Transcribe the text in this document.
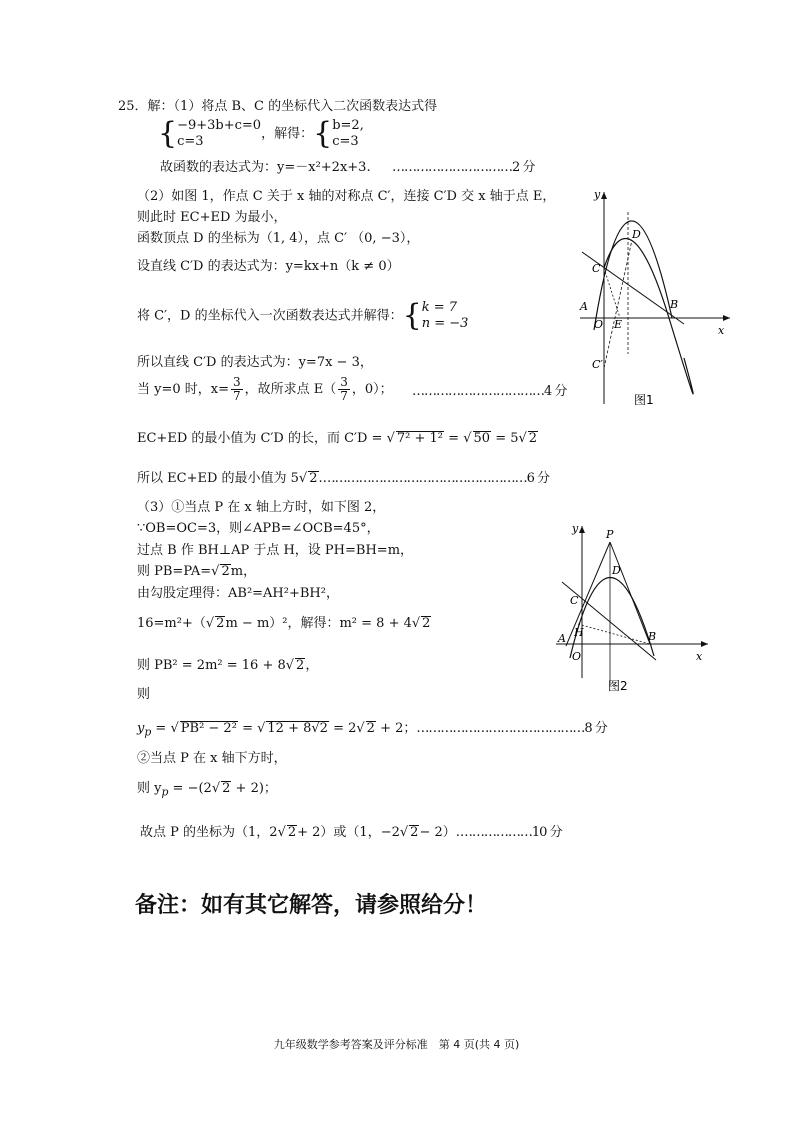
25．解：（1）将点 B、C 的坐标代入二次函数表达式得
{ −9+3b+c=0
c=3	，解得：{ b=2,
c=3
故函数的表达式为：y=－x²+2x+3. …………………………2 分
（2）如图 1，作点 C 关于 x 轴的对称点 C′，连接 C′D 交 x 轴于点 E，
则此时 EC+ED 为最小，
函数顶点 D 的坐标为（1, 4），点 C′ （0, −3），
设直线 C′D 的表达式为：y=kx+n（k ≠ 0）
将 C′，D 的坐标代入一次函数表达式并解得：{ k = 7
n = −3
所以直线 C′D 的表达式为：y=7x − 3，
当 y=0 时，$x= \frac{3}{7}$ ，故所求点 $E( \frac{3}{7}$ ，0）； ……………………………4 分
EC+ED 的最小值为 C′D 的长，而 C′D = √ 7² + 1² = √ 50 = 5√ 2
所以 EC+ED 的最小值为 5√ 2.……………………………………………6 分
（3）①当点 P 在 x 轴上方时，如下图 2，
∵OB=OC=3，则∠APB=∠OCB=45°，
过点 B 作 BH⊥AP 于点 H，设 PH=BH=m，
则 PB=PA=√ 2m，
由勾股定理得：AB²=AH²+BH²，
16=m²+（√ 2m − m）²，解得：m² = 8 + 4√ 2
则 PB² = 2m² = 16 + 8√ 2，
则
$y_p$ = √ PB² − 2² = √ 12 + 8√2 = 2√ 2 + 2；……………………………………8 分
②当点 P 在 x 轴下方时，
则 $y_p = -(2√$ 2 + 2)；
故点 P 的坐标为（1，2√ 2+ 2）或（1，−2√ 2− 2）.………………10 分
y
x
D
C
A
O E
B
C′
图1
y
x
P
D
C
H
A
O
B
图2
备注：如有其它解答，请参照给分！
九年级数学参考答案及评分标准　第 4 页(共 4 页)
